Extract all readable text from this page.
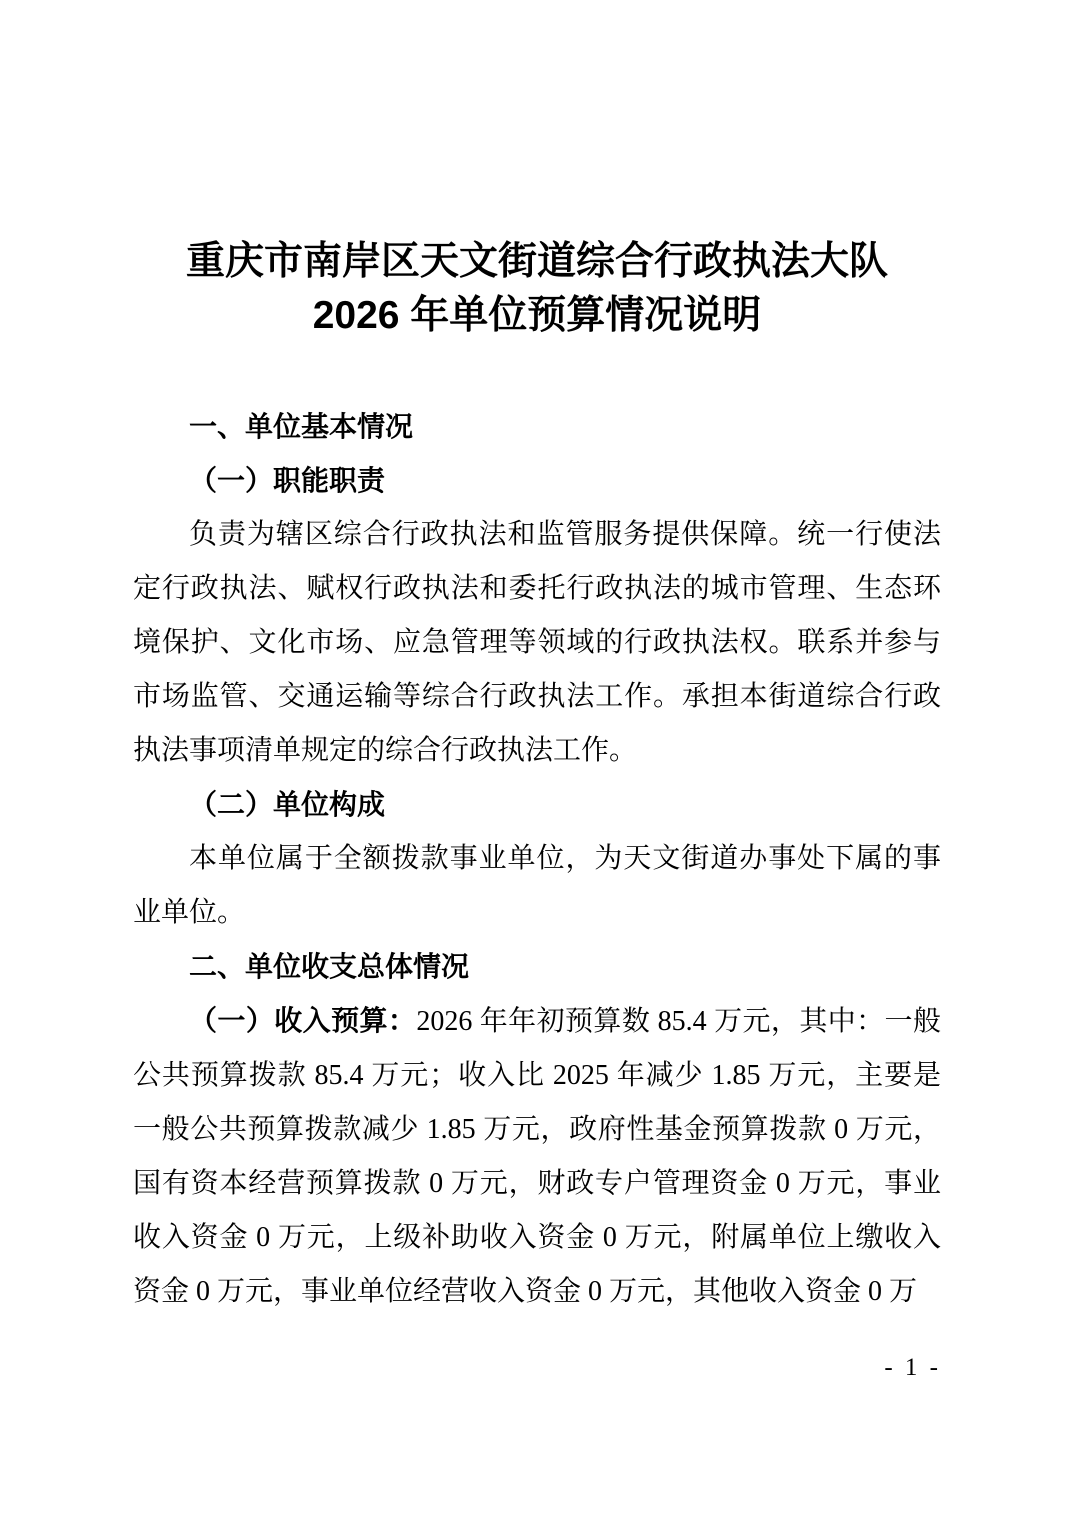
重庆市南岸区天文街道综合行政执法大队
2026 年单位预算情况说明
一、单位基本情况
（一）职能职责

负责为辖区综合行政执法和监管服务提供保障。统一行使法定行政执法、赋权行政执法和委托行政执法的城市管理、生态环境保护、文化市场、应急管理等领域的行政执法权。联系并参与市场监管、交通运输等综合行政执法工作。承担本街道综合行政执法事项清单规定的综合行政执法工作。

（二）单位构成

本单位属于全额拨款事业单位，为天文街道办事处下属的事业单位。

二、单位收支总体情况

（一）收入预算：2026 年年初预算数 85.4 万元，其中：一般公共预算拨款 85.4 万元；收入比 2025 年减少 1.85 万元，主要是一般公共预算拨款减少 1.85 万元，政府性基金预算拨款 0 万元，国有资本经营预算拨款 0 万元，财政专户管理资金 0 万元，事业收入资金 0 万元，上级补助收入资金 0 万元，附属单位上缴收入资金 0 万元，事业单位经营收入资金 0 万元，其他收入资金 0 万

- 1 -
